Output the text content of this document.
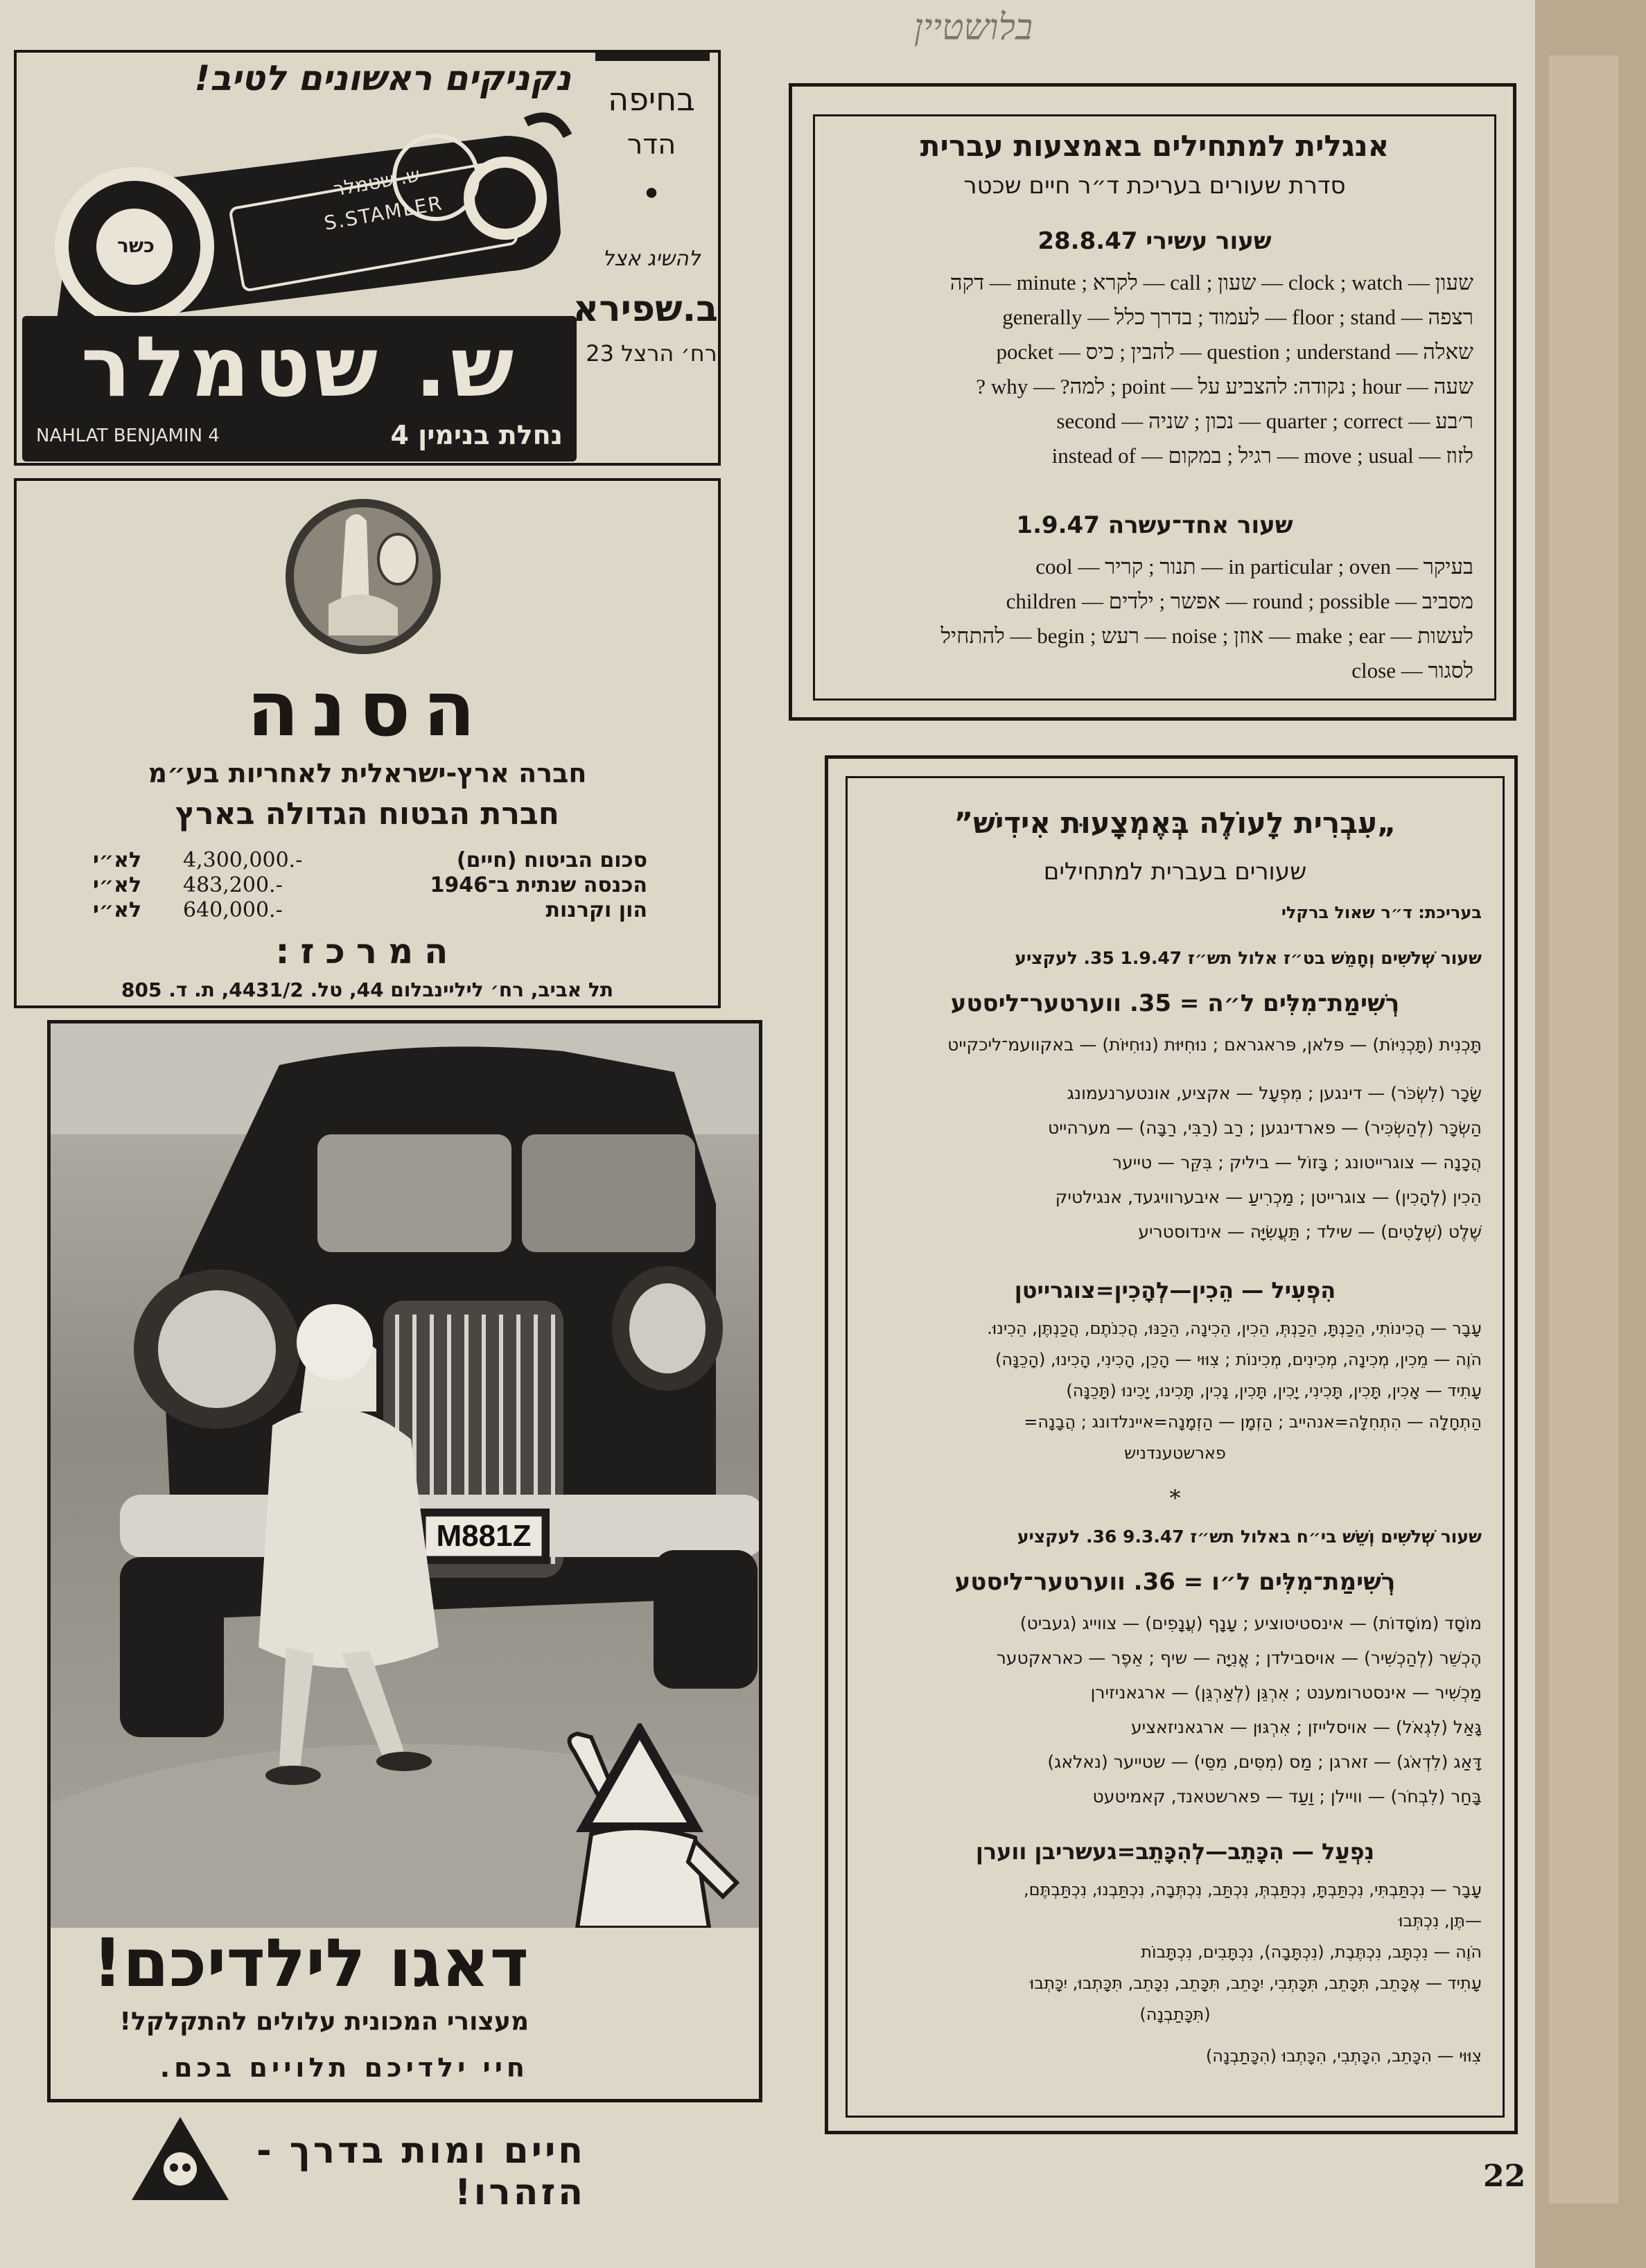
בלושטיין
נקניקים ראשונים לטיב!
כשר
ש. שטמלר
S.STAMLER
ש. שטמלר
NAHLAT BENJAMIN 4	נחלת בנימין 4
בחיפה
הדר
•
להשיג אצל
ב.שפירא
רח׳ הרצל 23
הסנה
חברה ארץ-ישראלית לאחריות בע״מ
חברת הבטוח הגדולה בארץ
סכום הביטוח (חיים)
4,300,000.-
לא״י
הכנסה שנתית ב־1946
483,200.-
לא״י
הון וקרנות
640,000.-
לא״י
המרכז:
תל אביב, רח׳ ליליינבלום 44, טל. 4431/2, ת. ד. 805
M881Z
דאגו לילדיכם!
מעצורי המכונית עלולים להתקלקל!
חיי ילדיכם תלויים בכם.
חיים ומות בדרך - הזהרו!
אנגלית למתחילים באמצעות עברית
סדרת שעורים בעריכת ד״ר חיים שכטר
שעור עשירי 28.8.47
שעון — clock ; watch — שעון ; call — לקרא ; minute — דקה
רצפה — floor ; stand — לעמוד ; בדרך כלל — generally
שאלה — question ; understand — להבין ; כיס — pocket
שעה — hour ; נקודה: להצביע על — point ; למה? — why ?
ר׳בע — quarter ; correct — נכון ; שניה — second
לזוז — move ; usual — רגיל ; במקום — instead of
שעור אחד־עשרה 1.9.47
בעיקר — in particular ; oven — תנור ; קריר — cool
מסביב — round ; possible — אפשר ; ילדים — children
לעשות — make ; ear — אוזן ; noise — רעש ; begin — להתחיל
לסגור — close
„עִבְרִית לָעוֹלֶה בְּאֶמְצָעוּת אִידִישׁ”
שעורים בעברית למתחילים
בעריכת: ד״ר שאול ברקלי
שעור שְׁלֹשִׁים וְחָמֵשׁ בט״ז אלול תש״ז 1.9.47 35. לעקציע
רְשִׁימַת־מִלִּים ל״ה = 35. ווערטער־ליסטע
תָּכְנִית (תָּכְנִיּוֹת) — פּלאן, פּראגראם ; נוּחִיּוּת (נוּחִיּוֹת) — באקוועמ־ליכקייט
שָׂכָר (לִשְׂכֹּר) — דינגען ; מִפְעָל — אקציע, אונטערנעמונג
הַשְׂכָּר (לְהַשְׂכִּיר) — פארדינגען ; רַב (רַבִּי, רַבָּה) — מערהייט
הֲכָנָה — צוגרייטונג ; בָּזוֹל — ביליק ; בִּקֵּר — טייער
הֵכִין (לְהָכִין) — צוגרייטן ; מַכְרִיעַ — איבערוויגעד, אנגילטיק
שֶׁלֶט (שְׁלָטִים) — שילד ; תַּעֲשִׂיָּה — אינדוסטריע
הִפְעִיל — הֵכִין—לְהָכִין=צוגרייטן
עָבָר — הֲכִינוֹתִי, הֵכַנְתָּ, הֵכַנְתְּ, הֵכִין, הֵכִינָה, הֵכַנּוּ, הֲכִנֹתֶם, הֲכַנְתֶּן, הֵכִינוּ.
הֹוֶה — מֵכִין, מְכִינָה, מְכִינִים, מְכִינוֹת ; צִוּוּי — הָכֵן, הָכִינִי, הָכִינוּ, (הָכֵנָּה)
עָתִיד — אָכִין, תָּכִין, תָּכִינִי, יָכִין, תָּכִין, נָכִין, תָּכִינוּ, יָכִינוּ (תָּכֵנָּה)
הַתְחָלָה — הִתְחִלָּה=אנהייב ; הַזְמָן — הַזְמָנָה=איינלדונג ; הֲבָנָה=
פארשטענדניש
*
שעור שְׁלֹשִׁים וְשֵׁשׁ בי״ח באלול תש״ז 9.3.47 36. לעקציע
רְשִׁימַת־מִלִּים ל״ו = 36. ווערטער־ליסטע
מוֹסָד (מוֹסָדוֹת) — אינסטיטוציע ; עָנָף (עֲנָפִים) — צווייג (געביט)
הֶכְשֵׁר (לְהַכְשִׁיר) — אויסבילדן ; אֳנִיָּה — שיף ; אֵפֶר — כאראקטער
מַכְשִׁיר — אינסטרומענט ; אִרְגֵּן (לְאַרְגֵּן) — ארגאניזירן
גָּאַל (לִגְאֹל) — אויסלייזן ; אִרְגּוּן — ארגאניזאציע
דָּאַג (לִדְאֹג) — זארגן ; מַס (מִסִּים, מִסֵּי) — שטייער (נאלאג)
בָּחַר (לִבְחֹר) — וויילן ; וַעַד — פארשטאנד, קאמיטעט
נִפְעַל — הִכָּתֵב—לְהִכָּתֵב=געשריבן ווערן
עָבָר — נִכְתַּבְתִּי, נִכְתַּבְתָּ, נִכְתַּבְתְּ, נִכְתַּב, נִכְתְּבָה, נִכְתַּבְנוּ, נִכְתַּבְתֶּם,
—תֶּן, נִכְתְּבוּ
הֹוֶה — נִכְתָּב, נִכְתֶּבֶת, (נִכְתָּבָה), נִכְתָּבִים, נִכְתָּבוֹת
עָתִיד — אֶכָּתֵב, תִּכָּתֵב, תִּכָּתְבִי, יִכָּתֵב, תִּכָּתֵב, נִכָּתֵב, תִּכָּתְבוּ, יִכָּתְבוּ
(תִּכָּתַבְנָה)
צִוּוּי — הִכָּתֵב, הִכָּתְבִי, הִכָּתְבוּ (הִכָּתַבְנָה)
22
